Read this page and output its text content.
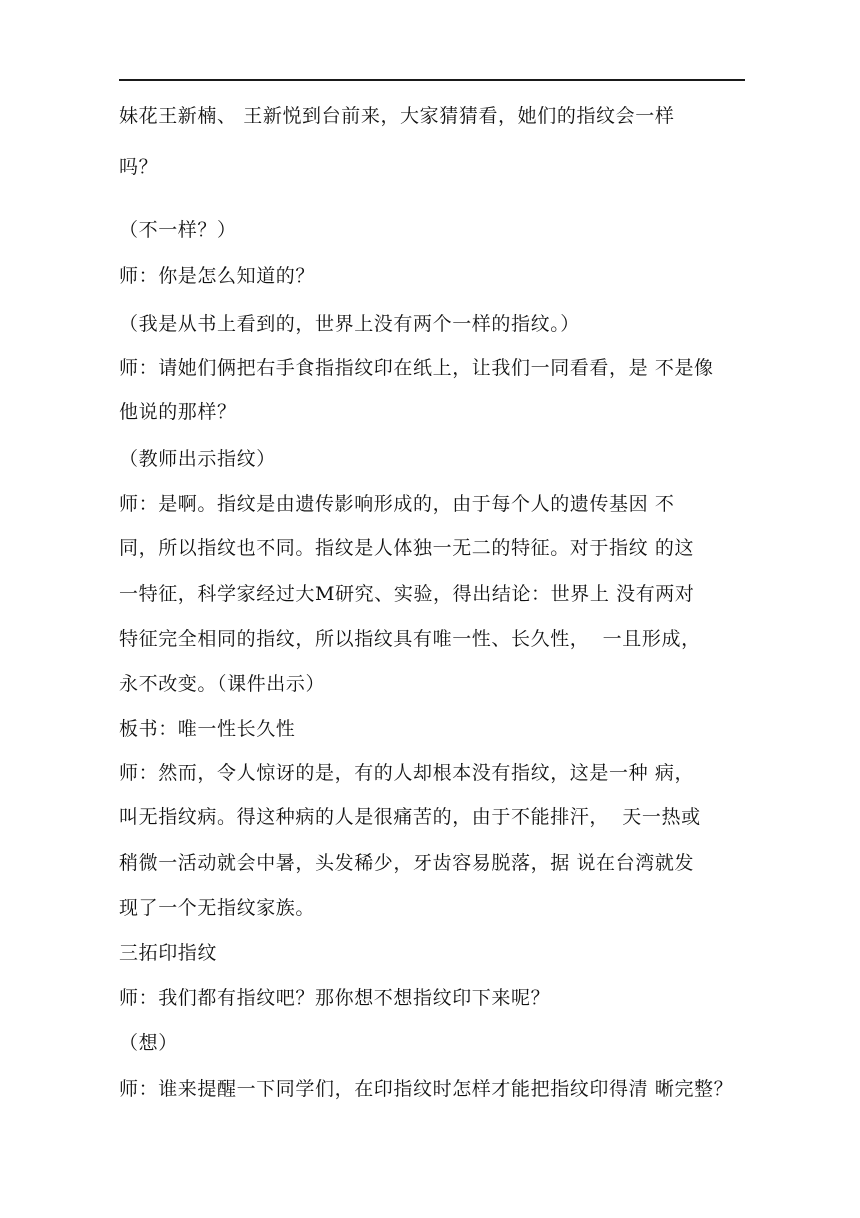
妹花王新楠、 王新悦到台前来，大家猜猜看，她们的指纹会一样
吗？
（不一样？）
师：你是怎么知道的？
（我是从书上看到的，世界上没有两个一样的指纹。）
师：请她们俩把右手食指指纹印在纸上，让我们一同看看，是 不是像
他说的那样？
（教师出示指纹）
师：是啊。指纹是由遗传影响形成的，由于每个人的遗传基因 不
同，所以指纹也不同。指纹是人体独一无二的特征。对于指纹 的这
一特征，科学家经过大M研究、实验，得出结论：世界上 没有两对
特征完全相同的指纹，所以指纹具有唯一性、长久性，  一且形成，
永不改变。（课件出示）
板书：唯一性长久性
师：然而，令人惊讶的是，有的人却根本没有指纹，这是一种 病，
叫无指纹病。得这种病的人是很痛苦的，由于不能排汗，  天一热或
稍微一活动就会中暑，头发稀少，牙齿容易脱落，据 说在台湾就发
现了一个无指纹家族。
三拓印指纹
师：我们都有指纹吧？那你想不想指纹印下来呢？
（想）
师：谁来提醒一下同学们，在印指纹时怎样才能把指纹印得清 晰完整？
